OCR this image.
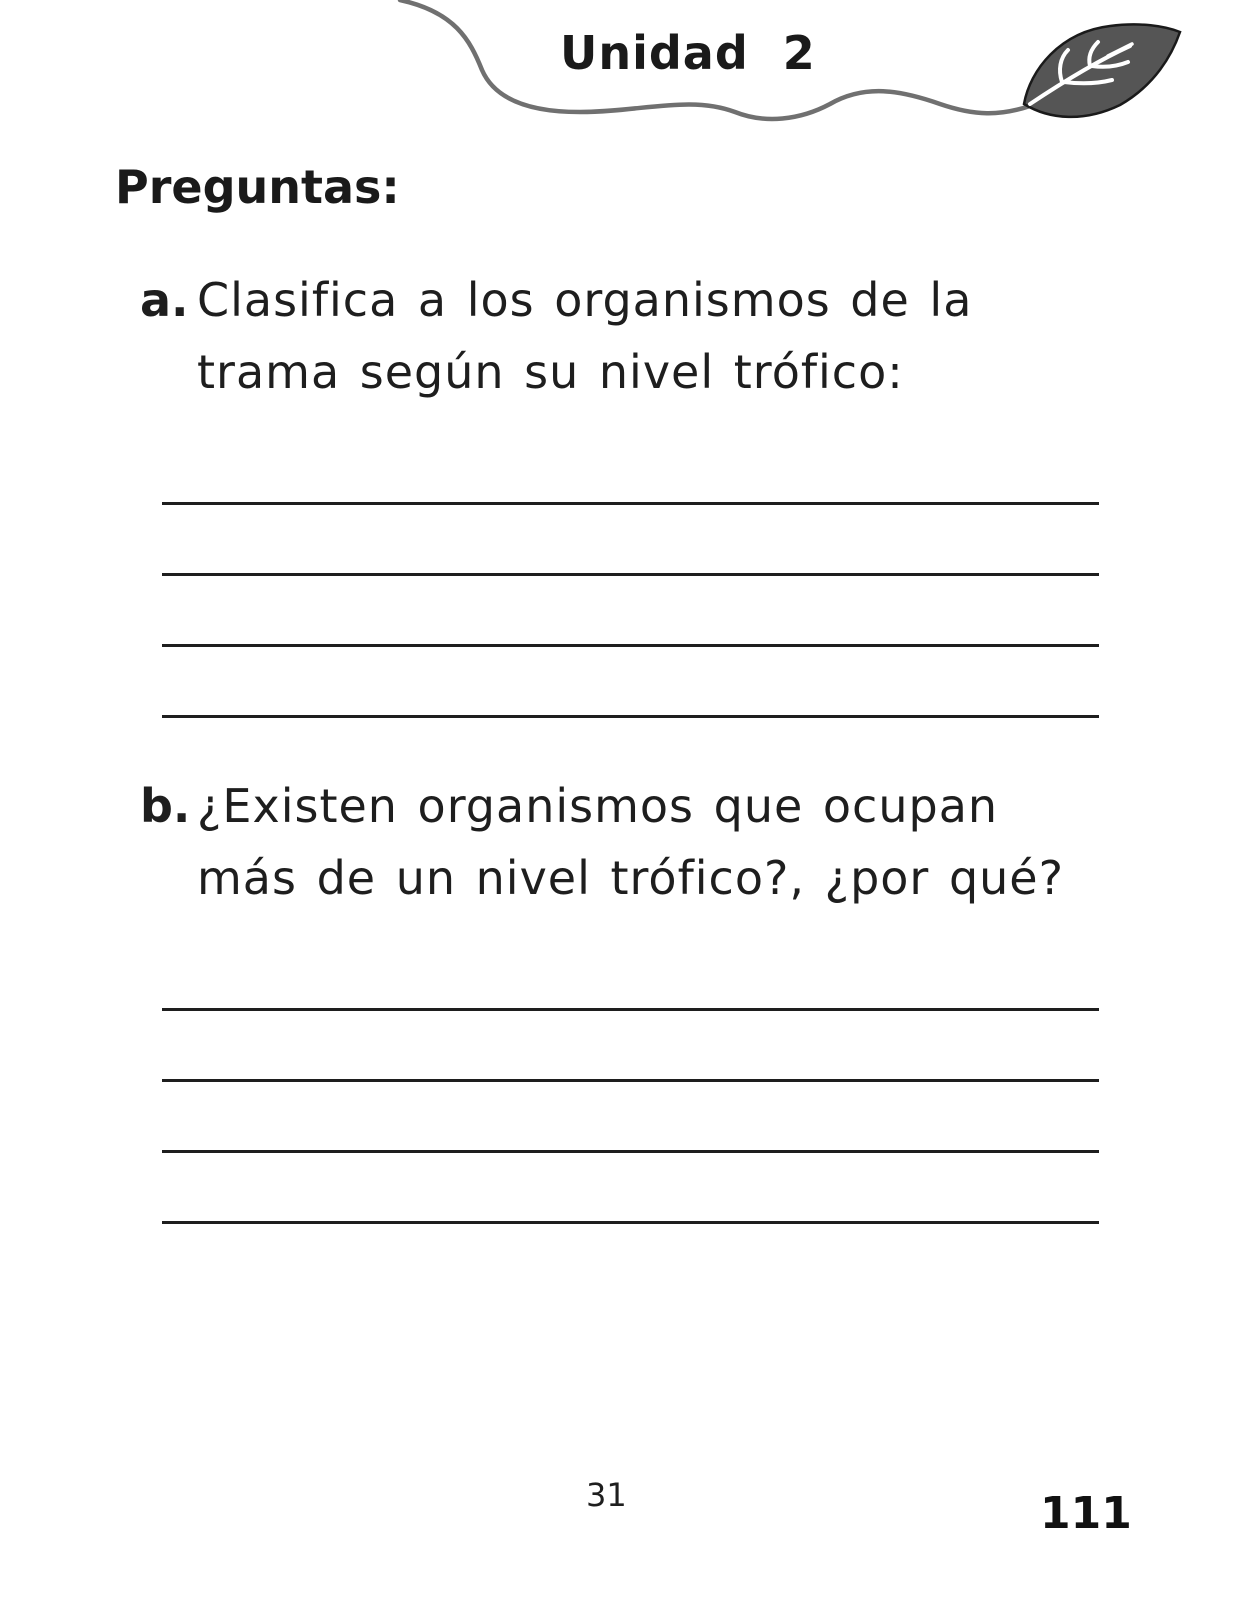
Unidad  2
Preguntas:
a. Clasifica a los organismos de la trama según su nivel trófico:
b. ¿Existen organismos que ocupan más de un nivel trófico?, ¿por qué?
31	111
